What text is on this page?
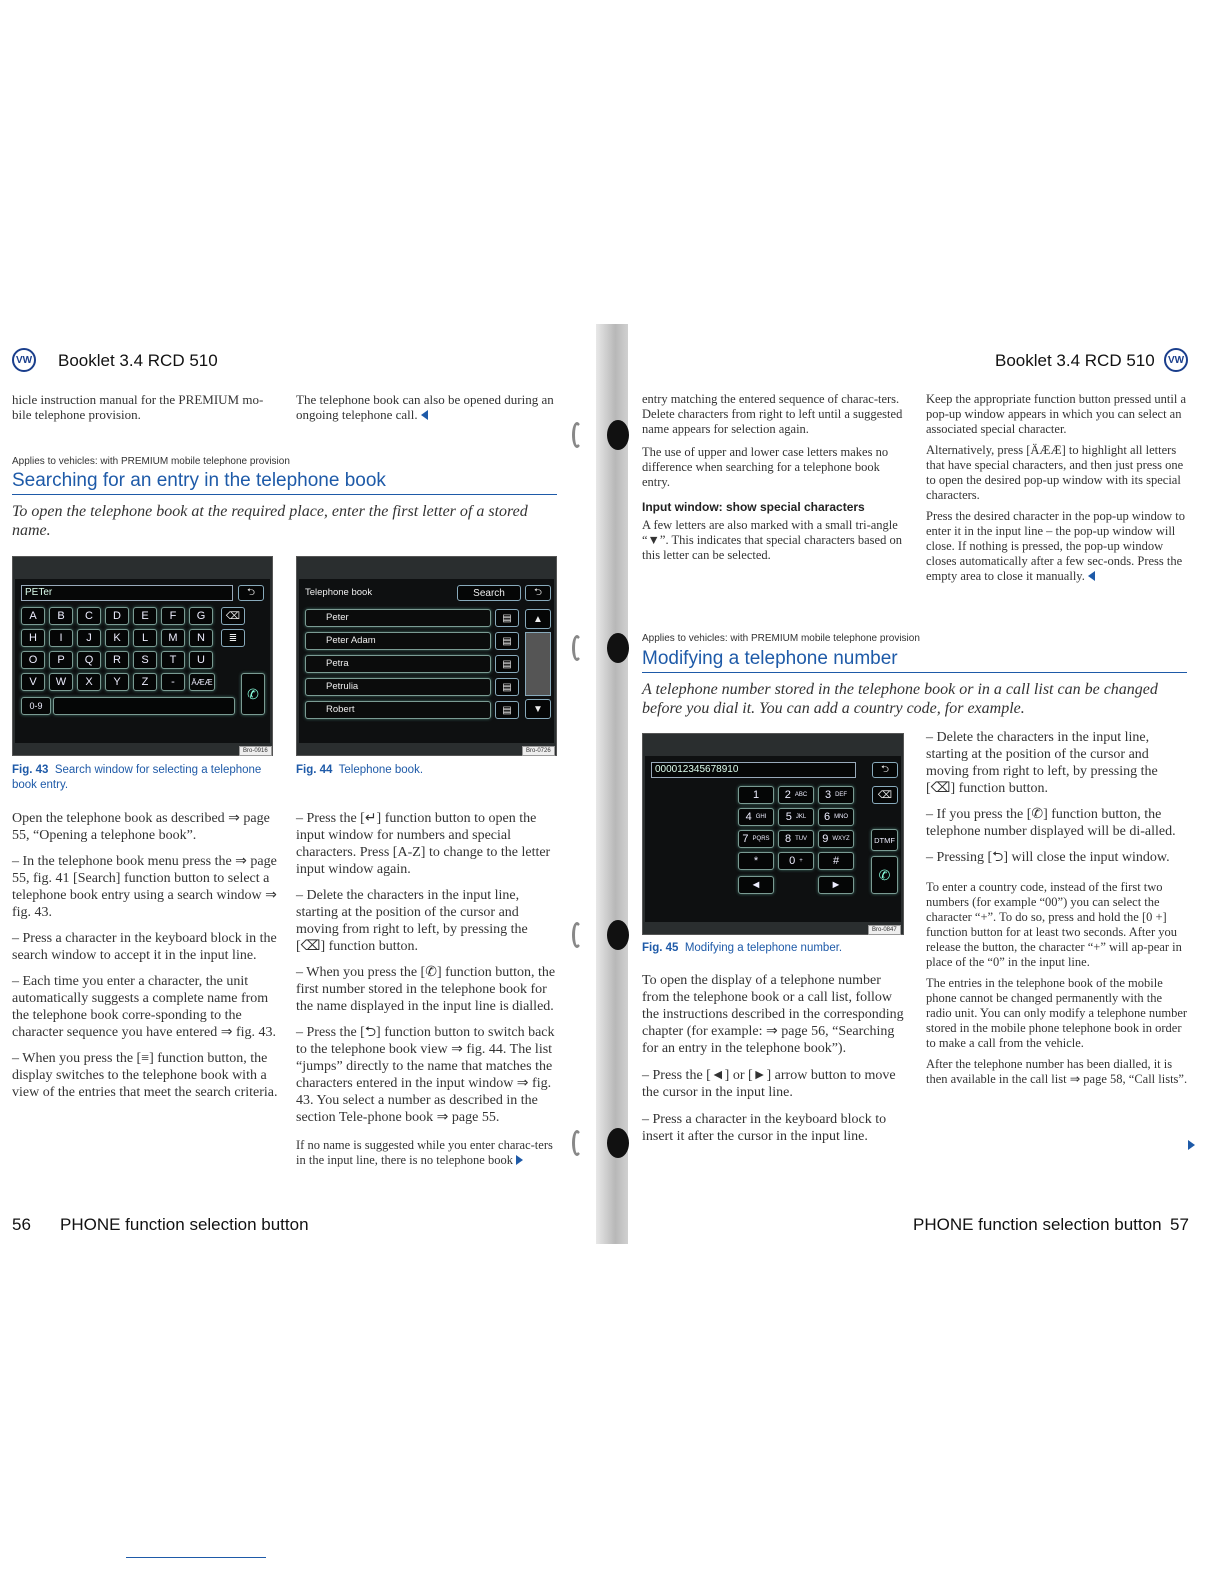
VW Booklet 3.4 RCD 510

hicle instruction manual for the PREMIUM mo-bile telephone provision.

The telephone book can also be opened during an ongoing telephone call.

Applies to vehicles: with PREMIUM mobile telephone provision
Searching for an entry in the telephone book
To open the telephone book at the required place, enter the first letter of a stored name.
PETer	⮌
A	B	C	D	E	F	G
H	I	J	K	L	M	N
O	P	Q	R	S	T	U
V	W	X	Y	Z	-	ÄÆÆ
⌫
≣
0-9
✆
Bro-0916
Fig. 43 Search window for selecting a telephone book entry.
Telephone book	Search	⮌
Peter	▤
Peter Adam	▤
Petra	▤
Petrulia	▤
Robert	▤
▲
▼
Bro-0726
Fig. 44 Telephone book.

Open the telephone book as described ⇒ page 55, “Opening a telephone book”.

– In the telephone book menu press the ⇒ page 55, fig. 41 [Search] function button to select a telephone book entry using a search window ⇒ fig. 43.

– Press a character in the keyboard block in the search window to accept it in the input line.

– Each time you enter a character, the unit automatically suggests a complete name from the telephone book corre-sponding to the character sequence you have entered ⇒ fig. 43.

– When you press the [≡] function button, the display switches to the telephone book with a view of the entries that meet the search criteria.

– Press the [↵] function button to open the input window for numbers and special characters. Press [A-Z] to change to the letter input window again.

– Delete the characters in the input line, starting at the position of the cursor and moving from right to left, by pressing the [⌫] function button.

– When you press the [✆] function button, the first number stored in the telephone book for the name displayed in the input line is dialled.

– Press the [⮌] function button to switch back to the telephone book view ⇒ fig. 44. The list “jumps” directly to the name that matches the characters entered in the input window ⇒ fig. 43. You select a number as described in the section Tele-phone book ⇒ page 55.

If no name is suggested while you enter charac-ters in the input line, there is no telephone book

56 PHONE function selection button
Booklet 3.4 RCD 510	VW

entry matching the entered sequence of charac-ters. Delete characters from right to left until a suggested name appears for selection again.

The use of upper and lower case letters makes no difference when searching for a telephone book entry.

Input window: show special characters

A few letters are also marked with a small tri-angle “▼”. This indicates that special characters based on this letter can be selected.

Keep the appropriate function button pressed until a pop-up window appears in which you can select an associated special character.

Alternatively, press [ÄÆÆ] to highlight all letters that have special characters, and then just press one to open the desired pop-up window with its special characters.

Press the desired character in the pop-up window to enter it in the input line – the pop-up window will close. If nothing is pressed, the pop-up window closes automatically after a few sec-onds. Press the empty area to close it manually.

Applies to vehicles: with PREMIUM mobile telephone provision
Modifying a telephone number
A telephone number stored in the telephone book or in a call list can be changed before you dial it. You can add a country code, for example.
000012345678910	⮌
1 2 ABC 3 DEF
4 GHI 5 JKL 6 MNO
7 PQRS 8 TUV 9 WXYZ
*	0 +	#
⌫
DTMF
◄	►
✆
Bro-0847
Fig. 45 Modifying a telephone number.

– Delete the characters in the input line, starting at the position of the cursor and moving from right to left, by pressing the [⌫] function button.

– If you press the [✆] function button, the telephone number displayed will be di-alled.

– Pressing [⮌] will close the input window.

To enter a country code, instead of the first two numbers (for example “00”) you can select the character “+”. To do so, press and hold the [0 +] function button for at least two seconds. After you release the button, the character “+” will ap-pear in place of the “0” in the input line.

The entries in the telephone book of the mobile phone cannot be changed permanently with the radio unit. You can only modify a telephone number stored in the mobile phone telephone book in order to make a call from the vehicle.

After the telephone number has been dialled, it is then available in the call list ⇒ page 58, “Call lists”.

To open the display of a telephone number from the telephone book or a call list, follow the instructions described in the corresponding chapter (for example: ⇒ page 56, “Searching for an entry in the telephone book”).

– Press the [◄] or [►] arrow button to move the cursor in the input line.

– Press a character in the keyboard block to insert it after the cursor in the input line.

PHONE function selection button 57
